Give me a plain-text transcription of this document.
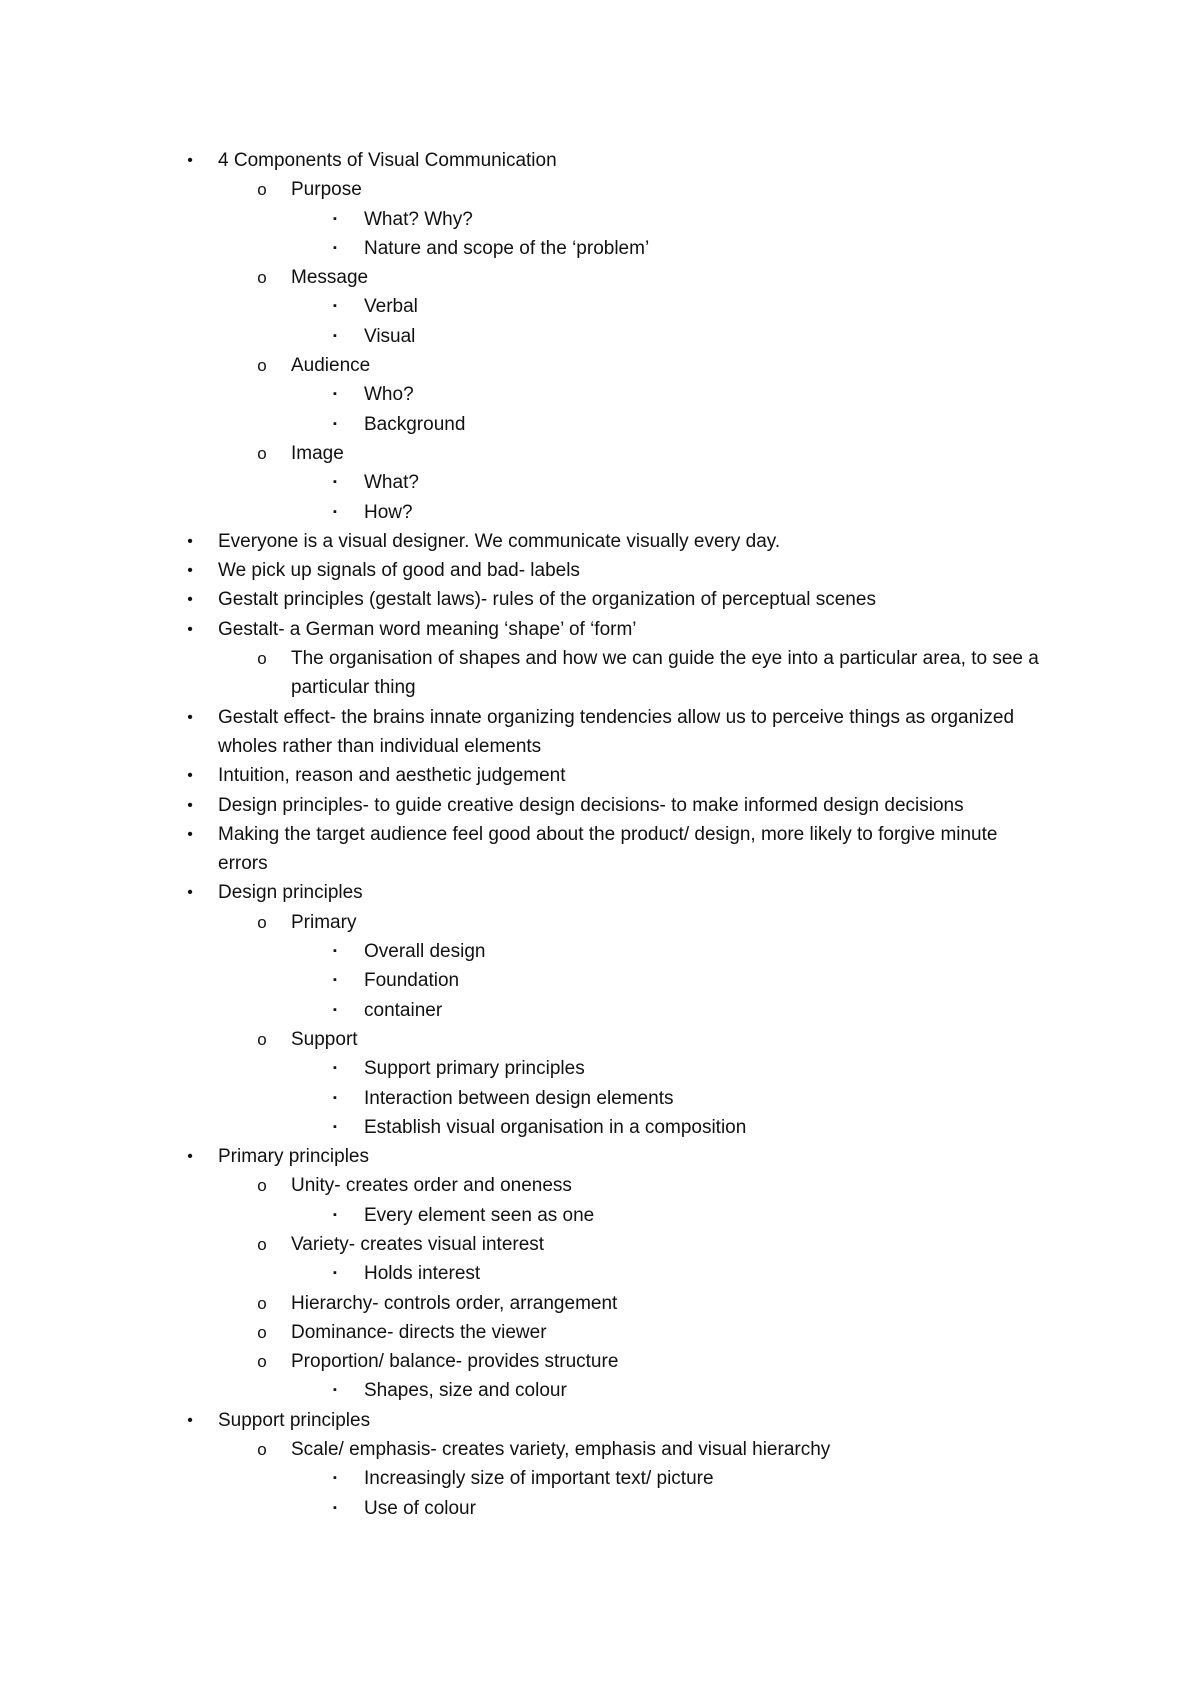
• 4 Components of Visual Communication
o Purpose
▪	What? Why?
▪	Nature and scope of the ‘problem’
o Message
▪	Verbal
▪	Visual
o Audience
▪	Who?
▪	Background
o Image
▪	What?
▪	How?
• Everyone is a visual designer. We communicate visually every day.
• We pick up signals of good and bad- labels
• Gestalt principles (gestalt laws)- rules of the organization of perceptual scenes
• Gestalt- a German word meaning ‘shape’ of ‘form’
o The organisation of shapes and how we can guide the eye into a particular area, to see a particular thing
• Gestalt effect- the brains innate organizing tendencies allow us to perceive things as organized wholes rather than individual elements
• Intuition, reason and aesthetic judgement
• Design principles- to guide creative design decisions- to make informed design decisions
• Making the target audience feel good about the product/ design, more likely to forgive minute errors
• Design principles
o Primary
▪	Overall design
▪	Foundation
▪	container
o Support
▪	Support primary principles
▪	Interaction between design elements
▪	Establish visual organisation in a composition
• Primary principles
o Unity- creates order and oneness
▪	Every element seen as one
o Variety- creates visual interest
▪	Holds interest
o Hierarchy- controls order, arrangement
o Dominance- directs the viewer
o Proportion/ balance- provides structure
▪	Shapes, size and colour
• Support principles
o Scale/ emphasis- creates variety, emphasis and visual hierarchy
▪	Increasingly size of important text/ picture
▪	Use of colour
